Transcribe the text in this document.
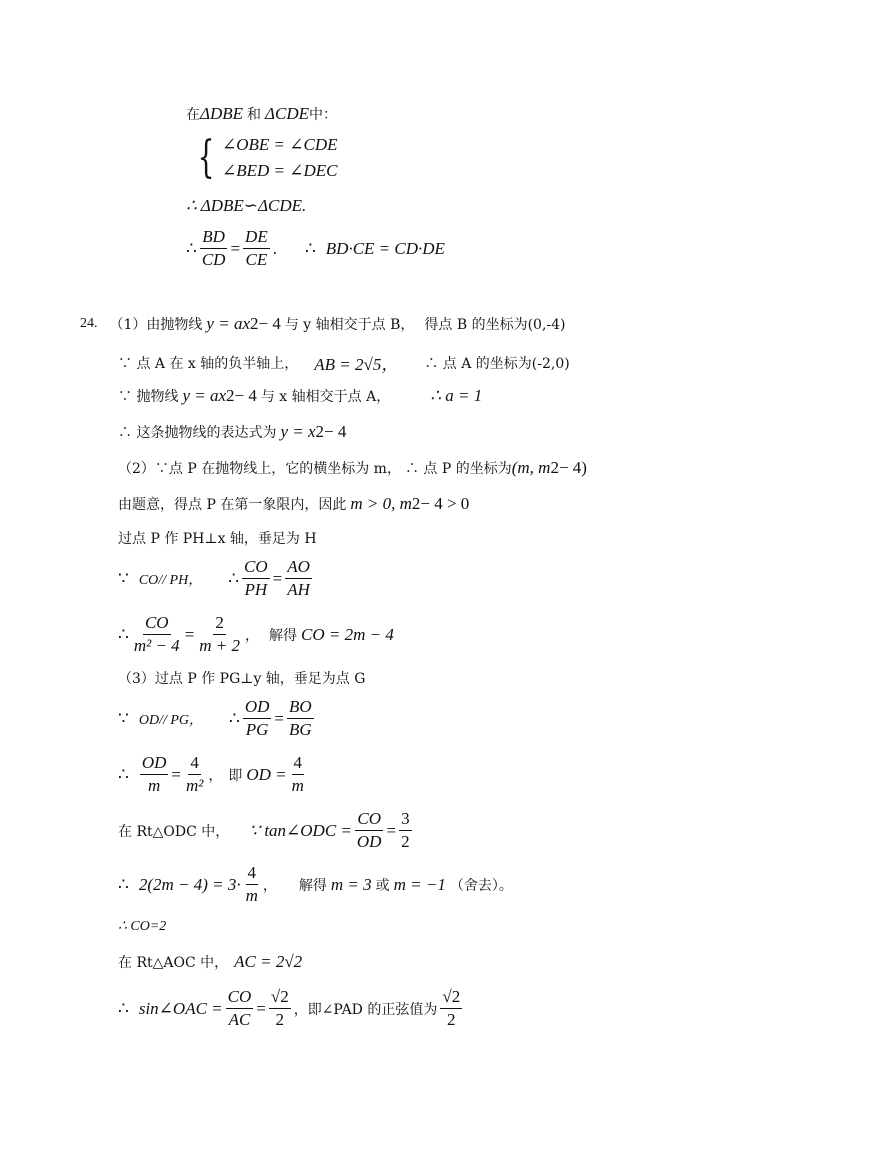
在 ΔDBE 和 ΔCDE 中：
{ ∠OBE = ∠CDE
∠BED = ∠DEC
∴ ΔDBE∽ΔCDE.
∴ $\frac{BD}{CD} = \frac{DE}{CE}$ . ∴ BD·CE = CD·DE
24. （1）由抛物线 y = ax 2 − 4 与 y 轴相交于点 B， 得点 B 的坐标为(0,-4)
∵ 点 A 在 x 轴的负半轴上， AB = 2√5， ∴ 点 A 的坐标为(-2,0)
∵ 抛物线 y = ax 2 − 4 与 x 轴相交于点 A， ∴ a = 1
∴ 这条抛物线的表达式为 y = x 2 − 4
（2）∵点 P 在抛物线上，它的横坐标为 m， ∴ 点 P 的坐标为 (m, m 2 − 4)
由题意，得点 P 在第一象限内，因此 m > 0, m 2 − 4 > 0
过点 P 作 PH⊥x 轴，垂足为 H
∵ CO// PH， ∴ $\frac{CO}{PH} = \frac{AO}{AH}$
∴ $\frac{CO}{\text{m² − 4}} = \frac{2}{m + 2}$ ， 解得 CO = 2m − 4
（3）过点 P 作 PG⊥y 轴，垂足为点 G
∵ OD// PG， ∴ $\frac{OD}{PG} = \frac{BO}{BG}$
∴ $\frac{OD}{m} = \frac{4}{\text{m²}}$ ， 即 OD = $\frac{4}{m}$
在 Rt△ODC 中， ∵ tan∠ODC = $\frac{CO}{OD} = \frac{3}{2}$
∴ $2(2m - 4) = 3\cdot \frac{4}{m}$ ， 解得 m = 3 或 m = −1 （舍去）。
∴ CO=2
在 Rt△AOC 中， AC = 2√2
∴ sin∠OAC = $\frac{CO}{AC} = \frac{√2}{2}$ ， 即∠PAD 的正弦值为 $\frac{√2}{2}$
